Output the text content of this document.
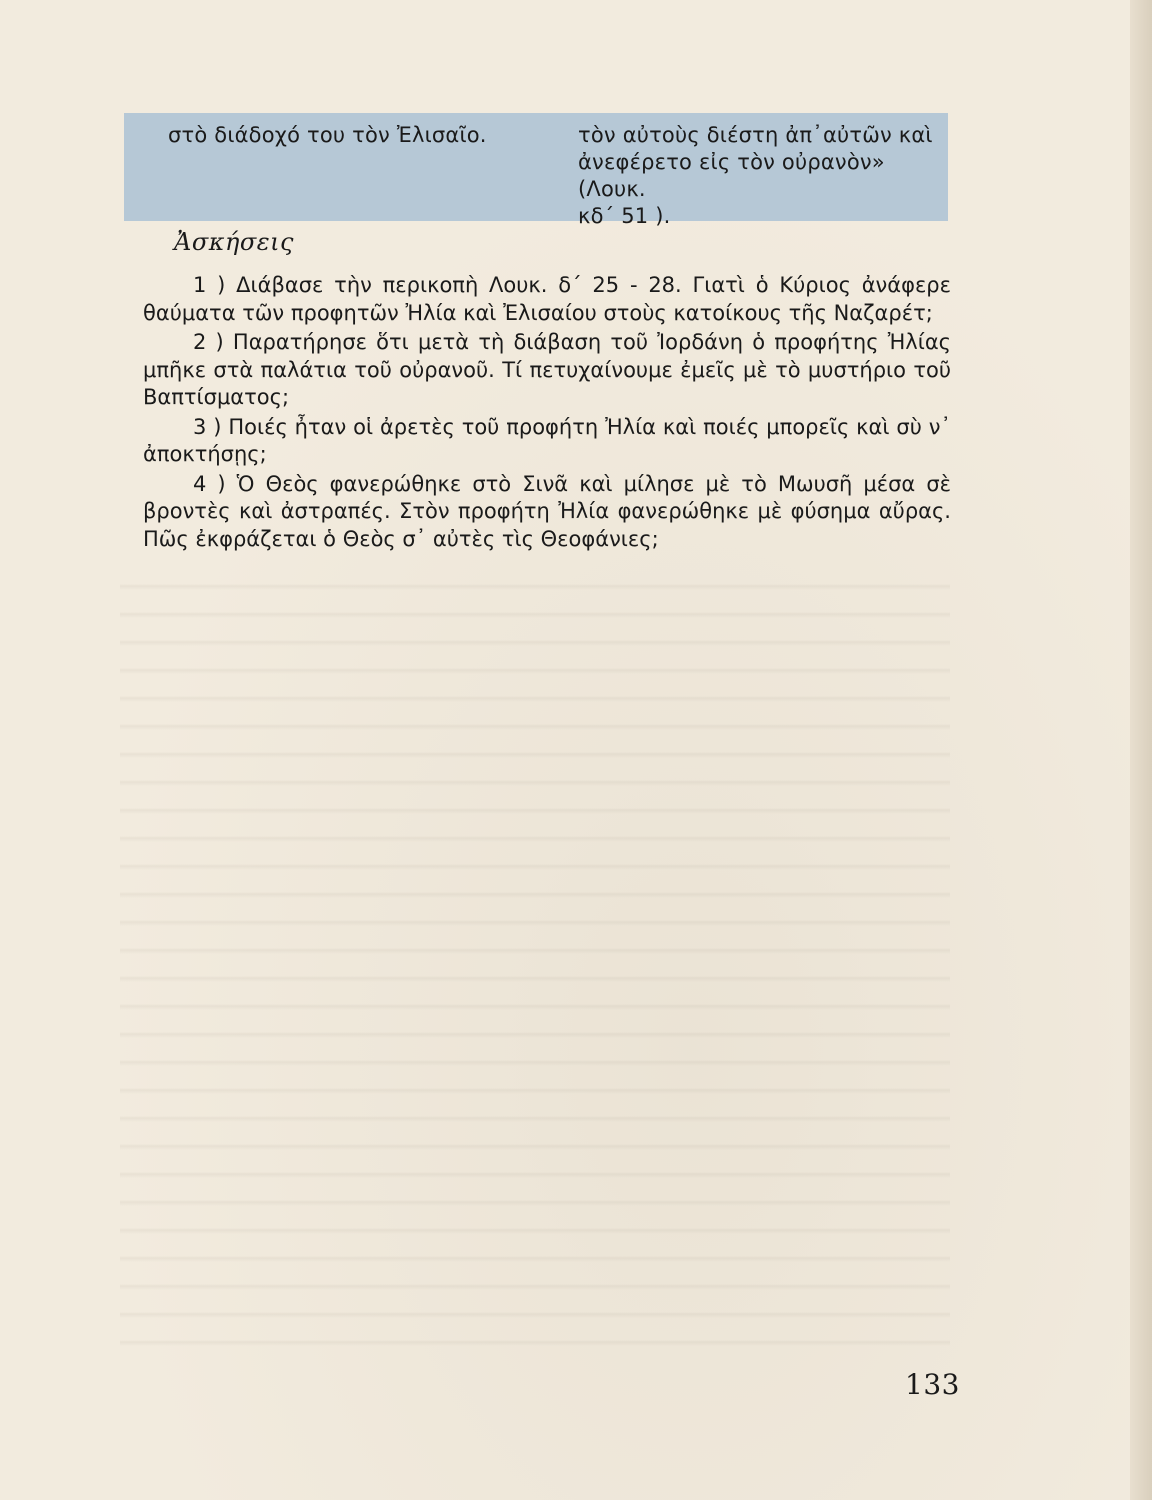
στὸ διάδοχό του τὸν Ἐλισαῖο.	τὸν αὐτοὺς διέστη ἀπ᾽αὐτῶν καὶ
ἀνεφέρετο εἰς τὸν οὐρανὸν» (Λουκ.
κδ΄ 51 ).
Ἀσκήσεις

1 ) Διάβασε τὴν περικοπὴ Λουκ. δ΄ 25 - 28. Γιατὶ ὁ Κύριος ἀνάφερε θαύματα τῶν προφητῶν Ἠλία καὶ Ἐλισαίου στοὺς κατοίκους τῆς Ναζαρέτ;

2 ) Παρατήρησε ὅτι μετὰ τὴ διάβαση τοῦ Ἰορδάνη ὁ προφήτης Ἠλίας μπῆκε στὰ παλάτια τοῦ οὐρανοῦ. Τί πετυχαίνουμε ἐμεῖς μὲ τὸ μυστήριο τοῦ Βαπτίσματος;

3 ) Ποιές ἦταν οἱ ἀρετὲς τοῦ προφήτη Ἠλία καὶ ποιές μπορεῖς καὶ σὺ ν᾽ ἀποκτήσῃς;

4 ) Ὁ Θεὸς φανερώθηκε στὸ Σινᾶ καὶ μίλησε μὲ τὸ Μωυσῆ μέσα σὲ βροντὲς καὶ ἀστραπές. Στὸν προφήτη Ἠλία φανερώθηκε μὲ φύσημα αὔρας. Πῶς ἐκφράζεται ὁ Θεὸς σ᾽ αὐτὲς τὶς Θεοφάνιες;

133
